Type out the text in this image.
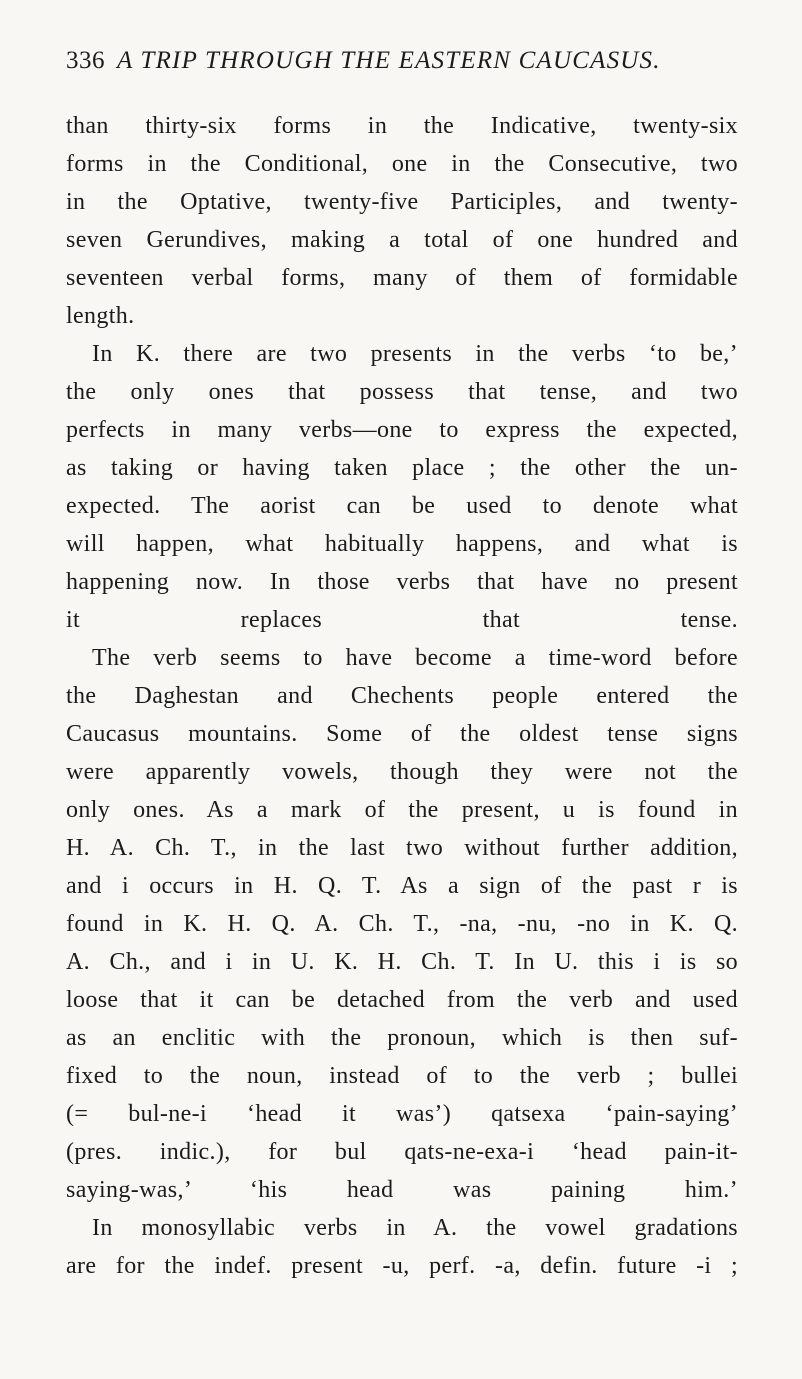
336 A TRIP THROUGH THE EASTERN CAUCASUS.

than thirty-six forms in the Indicative, twenty-six
forms in the Conditional, one in the Consecutive, two
in the Optative, twenty-five Participles, and twenty-
seven Gerundives, making a total of one hundred and
seventeen verbal forms, many of them of formidable
length.

In K. there are two presents in the verbs ‘to be,’
the only ones that possess that tense, and two
perfects in many verbs—one to express the expected,
as taking or having taken place ; the other the un-
expected. The aorist can be used to denote what
will happen, what habitually happens, and what is
happening now. In those verbs that have no present
it replaces that tense.

The verb seems to have become a time-word before
the Daghestan and Chechents people entered the
Caucasus mountains. Some of the oldest tense signs
were apparently vowels, though they were not the
only ones. As a mark of the present, u is found in
H. A. Ch. T., in the last two without further addition,
and i occurs in H. Q. T. As a sign of the past r is
found in K. H. Q. A. Ch. T., -na, -nu, -no in K. Q.
A. Ch., and i in U. K. H. Ch. T. In U. this i is so
loose that it can be detached from the verb and used
as an enclitic with the pronoun, which is then suf-
fixed to the noun, instead of to the verb ; bullei
(= bul-ne-i ‘head it was’) qatsexa ‘pain-saying’
(pres. indic.), for bul qats-ne-exa-i ‘head pain-it-
saying-was,’ ‘his head was paining him.’

In monosyllabic verbs in A. the vowel gradations
are for the indef. present -u, perf. -a, defin. future -i ;
